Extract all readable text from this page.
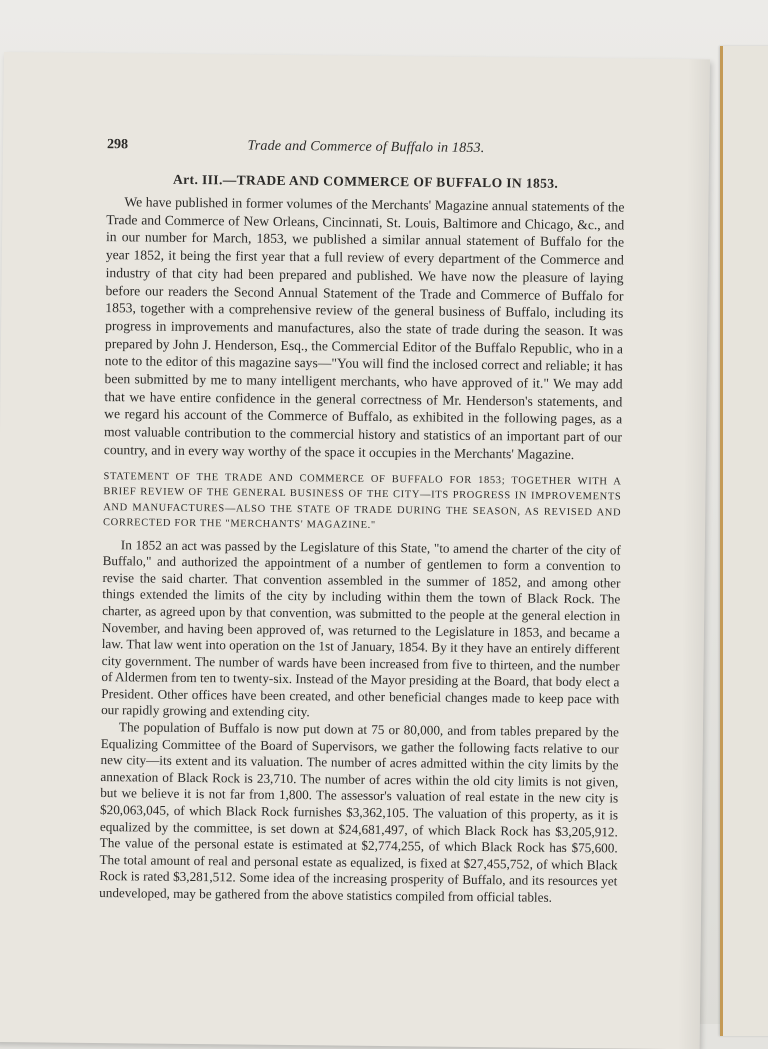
298	Trade and Commerce of Buffalo in 1853.
Art. III.—TRADE AND COMMERCE OF BUFFALO IN 1853.

We have published in former volumes of the Merchants' Magazine annual statements of the Trade and Commerce of New Orleans, Cincinnati, St. Louis, Baltimore and Chicago, &c., and in our number for March, 1853, we published a similar annual statement of Buffalo for the year 1852, it being the first year that a full review of every department of the Commerce and industry of that city had been prepared and published. We have now the pleasure of laying before our readers the Second Annual Statement of the Trade and Commerce of Buffalo for 1853, together with a comprehensive review of the general business of Buffalo, including its progress in improvements and manufactures, also the state of trade during the season. It was prepared by John J. Henderson, Esq., the Commercial Editor of the Buffalo Republic, who in a note to the editor of this magazine says—"You will find the inclosed correct and reliable; it has been submitted by me to many intelligent merchants, who have approved of it." We may add that we have entire confidence in the general correctness of Mr. Henderson's statements, and we regard his account of the Commerce of Buffalo, as exhibited in the following pages, as a most valuable contribution to the commercial history and statistics of an important part of our country, and in every way worthy of the space it occupies in the Merchants' Magazine.

STATEMENT OF THE TRADE AND COMMERCE OF BUFFALO FOR 1853; TOGETHER WITH A BRIEF REVIEW OF THE GENERAL BUSINESS OF THE CITY—ITS PROGRESS IN IMPROVEMENTS AND MANUFACTURES—ALSO THE STATE OF TRADE DURING THE SEASON, AS REVISED AND CORRECTED FOR THE "MERCHANTS' MAGAZINE."

In 1852 an act was passed by the Legislature of this State, "to amend the charter of the city of Buffalo," and authorized the appointment of a number of gentlemen to form a convention to revise the said charter. That convention assembled in the summer of 1852, and among other things extended the limits of the city by including within them the town of Black Rock. The charter, as agreed upon by that convention, was submitted to the people at the general election in November, and having been approved of, was returned to the Legislature in 1853, and became a law. That law went into operation on the 1st of January, 1854. By it they have an entirely different city government. The number of wards have been increased from five to thirteen, and the number of Aldermen from ten to twenty-six. Instead of the Mayor presiding at the Board, that body elect a President. Other offices have been created, and other beneficial changes made to keep pace with our rapidly growing and extending city.

The population of Buffalo is now put down at 75 or 80,000, and from tables prepared by the Equalizing Committee of the Board of Supervisors, we gather the following facts relative to our new city—its extent and its valuation. The number of acres admitted within the city limits by the annexation of Black Rock is 23,710. The number of acres within the old city limits is not given, but we believe it is not far from 1,800. The assessor's valuation of real estate in the new city is $20,063,045, of which Black Rock furnishes $3,362,105. The valuation of this property, as it is equalized by the committee, is set down at $24,681,497, of which Black Rock has $3,205,912. The value of the personal estate is estimated at $2,774,255, of which Black Rock has $75,600. The total amount of real and personal estate as equalized, is fixed at $27,455,752, of which Black Rock is rated $3,281,512. Some idea of the increasing prosperity of Buffalo, and its resources yet undeveloped, may be gathered from the above statistics compiled from official tables.
